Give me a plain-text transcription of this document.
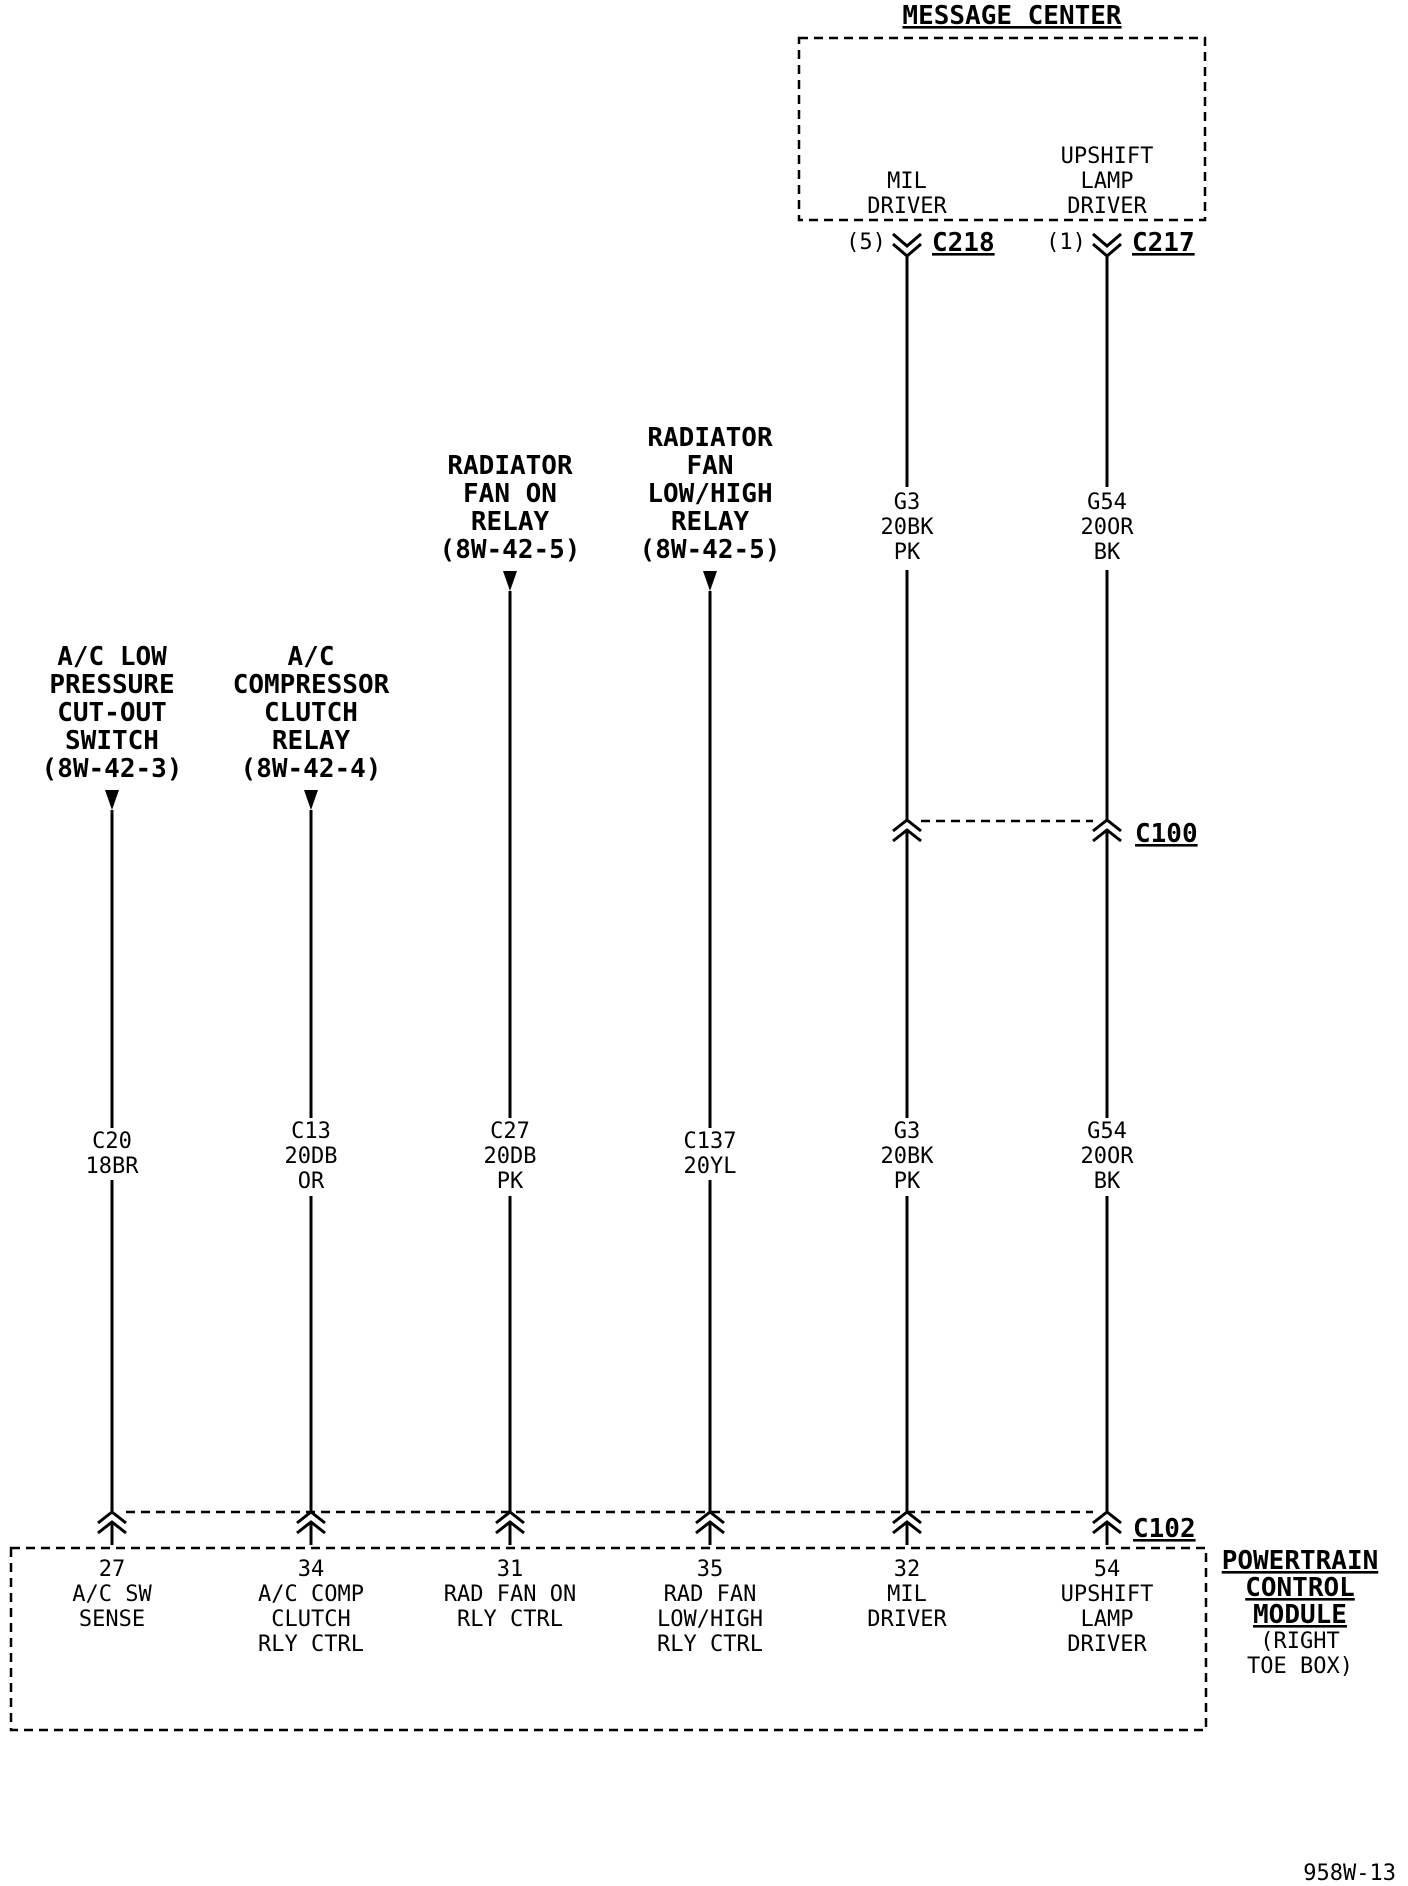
MESSAGE CENTER
MIL
DRIVER
UPSHIFT
LAMP
DRIVER
(5) C218 (1) C217
G3
20BK
PK
G54
20OR
BK
C100
A/C LOW
PRESSURE
CUT-OUT
SWITCH
(8W-42-3)
A/C
COMPRESSOR
CLUTCH
RELAY
(8W-42-4)
RADIATOR
FAN ON
RELAY
(8W-42-5)
RADIATOR
FAN
LOW/HIGH
RELAY
(8W-42-5)
C20
18BR
C13
20DB
OR
C27
20DB
PK
C137
20YL
G3
20BK
PK
G54
20OR
BK
C102
27
A/C SW
SENSE
34
A/C COMP
CLUTCH
RLY CTRL
31
RAD FAN ON
RLY CTRL
35
RAD FAN
LOW/HIGH
RLY CTRL
32
MIL
DRIVER
54
UPSHIFT
LAMP
DRIVER
POWERTRAIN
CONTROL
MODULE
(RIGHT
TOE BOX)
958W-13
